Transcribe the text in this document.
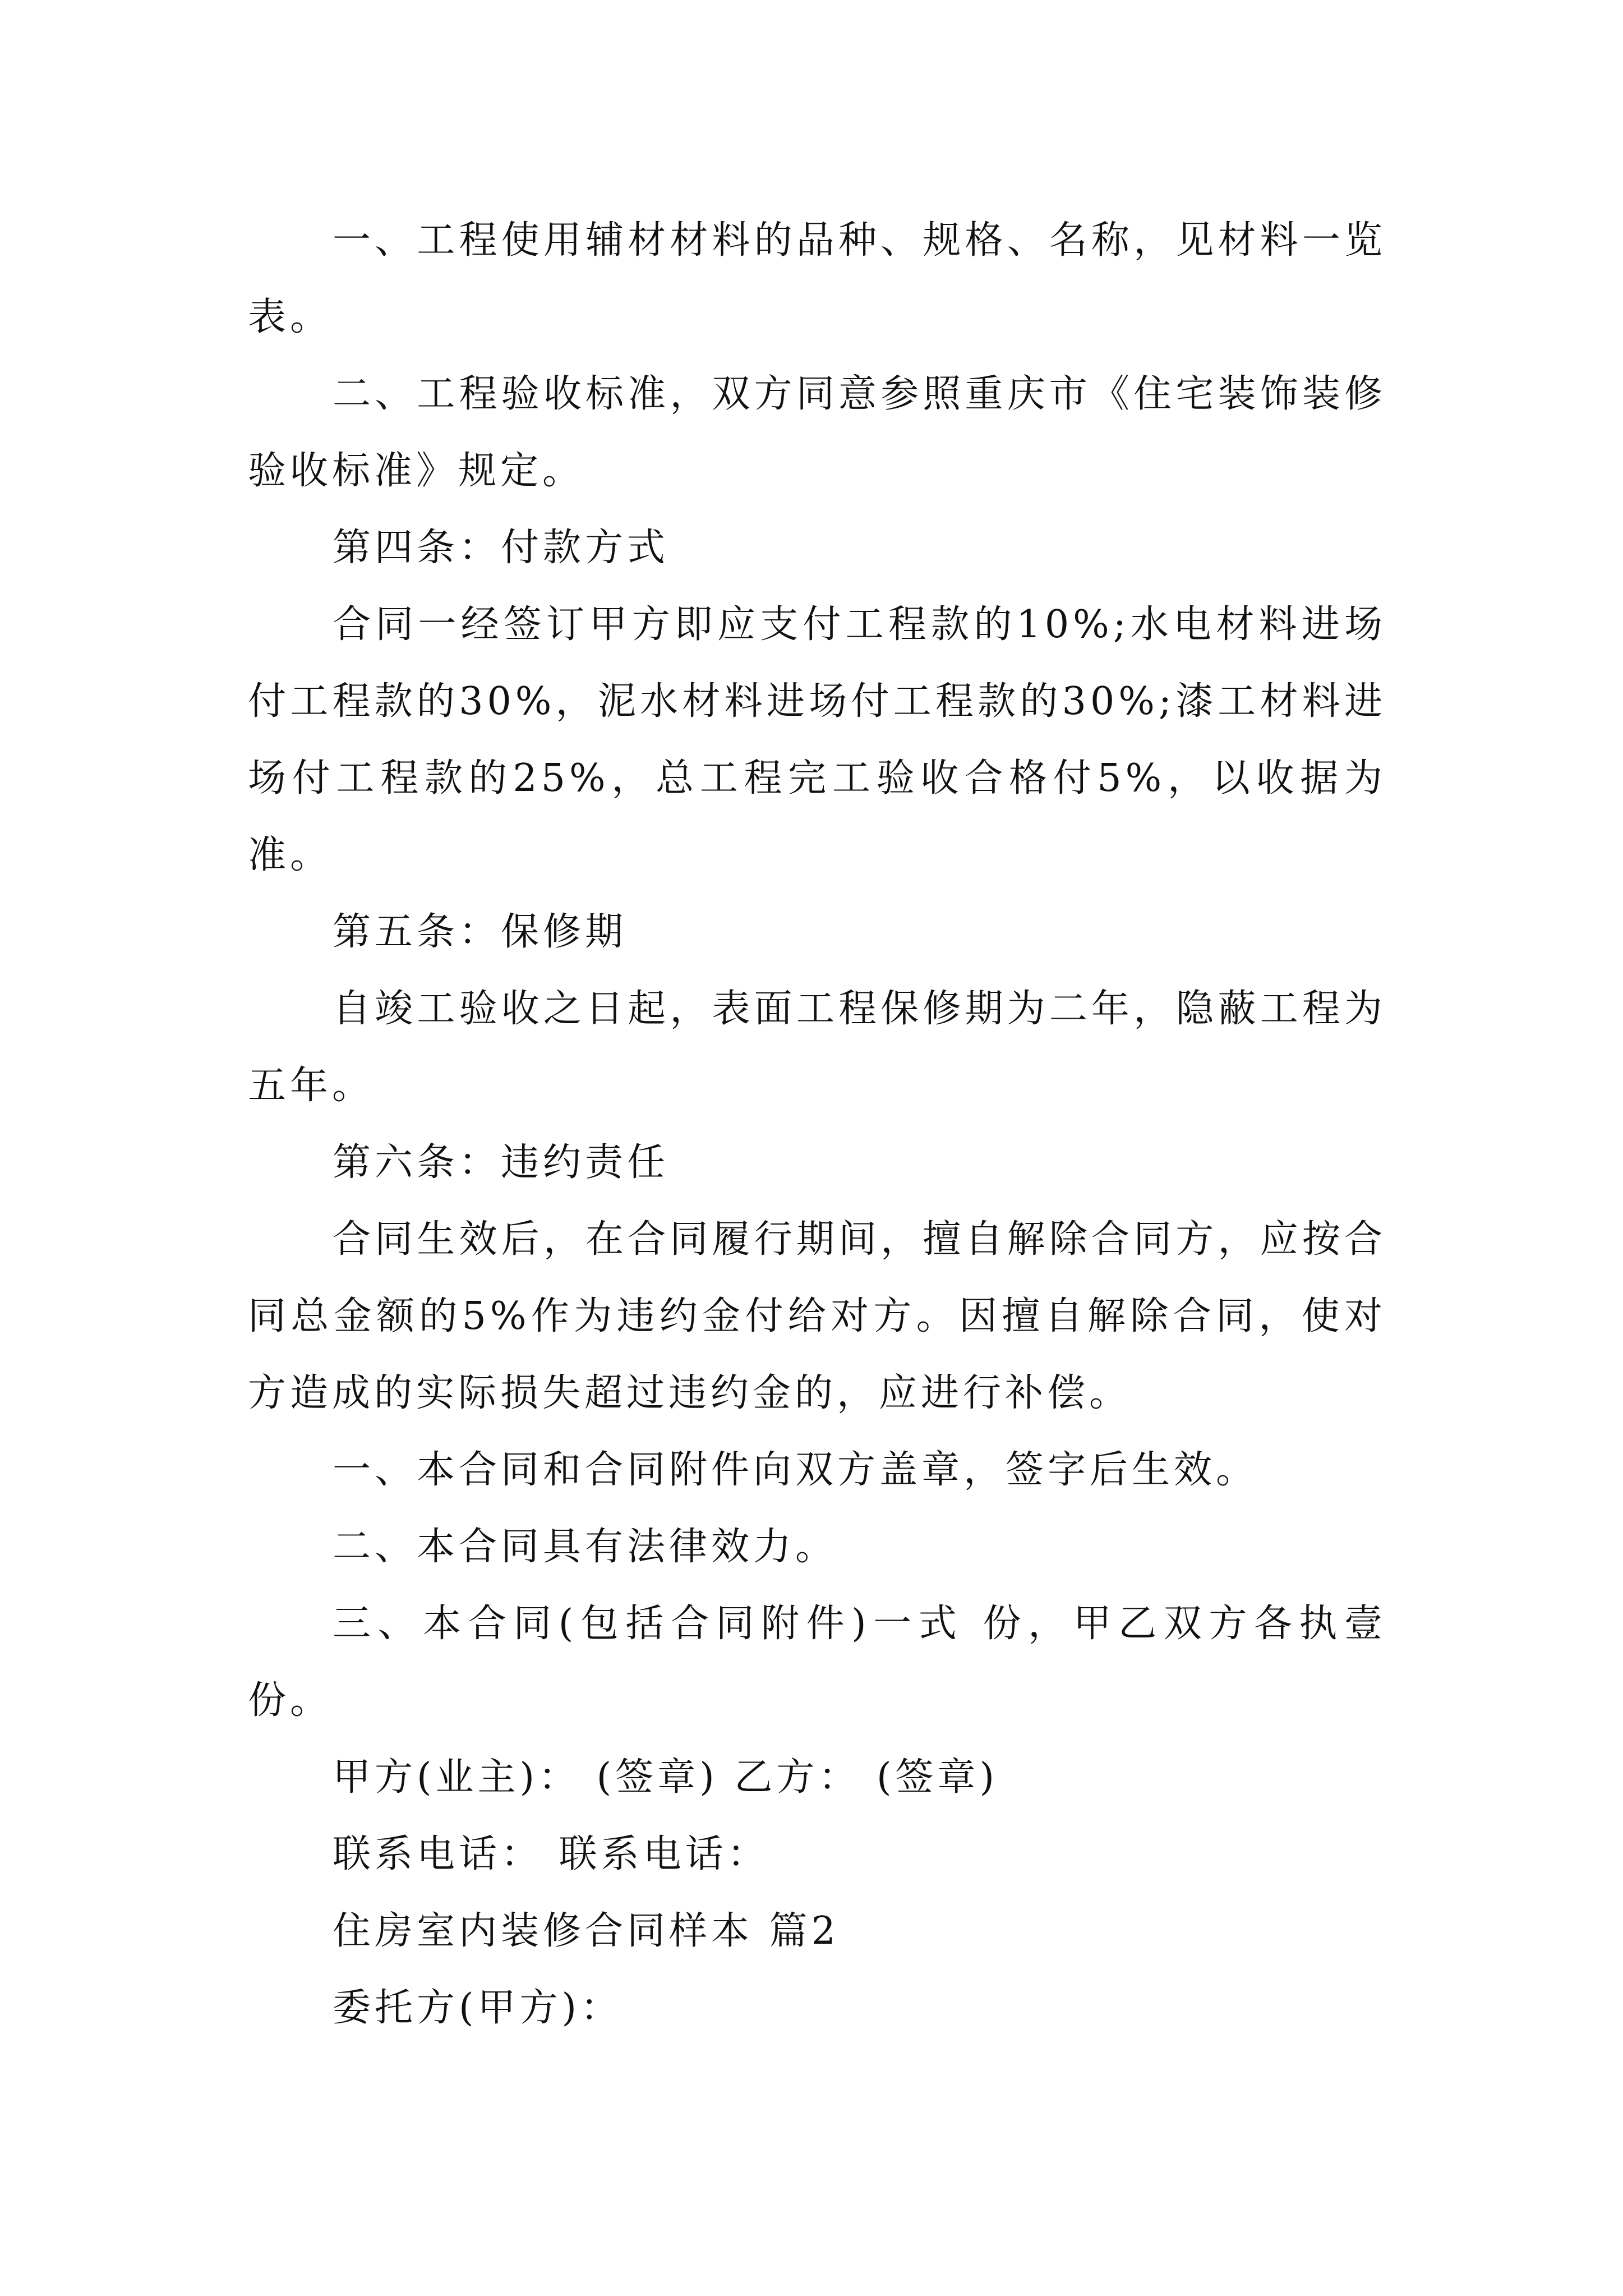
一、工程使用辅材材料的品种、规格、名称，见材料一览表。

二、工程验收标准，双方同意参照重庆市《住宅装饰装修验收标准》规定。

第四条：付款方式

合同一经签订甲方即应支付工程款的10%;水电材料进场付工程款的30%，泥水材料进场付工程款的30%;漆工材料进场付工程款的25%，总工程完工验收合格付5%，以收据为准。

第五条：保修期

自竣工验收之日起，表面工程保修期为二年，隐蔽工程为五年。

第六条：违约责任

合同生效后，在合同履行期间，擅自解除合同方，应按合同总金额的5%作为违约金付给对方。因擅自解除合同，使对方造成的实际损失超过违约金的，应进行补偿。

一、本合同和合同附件向双方盖章，签字后生效。

二、本合同具有法律效力。

三、本合同(包括合同附件)一式 份，甲乙双方各执壹份。

甲方(业主)： (签章) 乙方： (签章)

联系电话： 联系电话：

住房室内装修合同样本 篇2

委托方(甲方)：
